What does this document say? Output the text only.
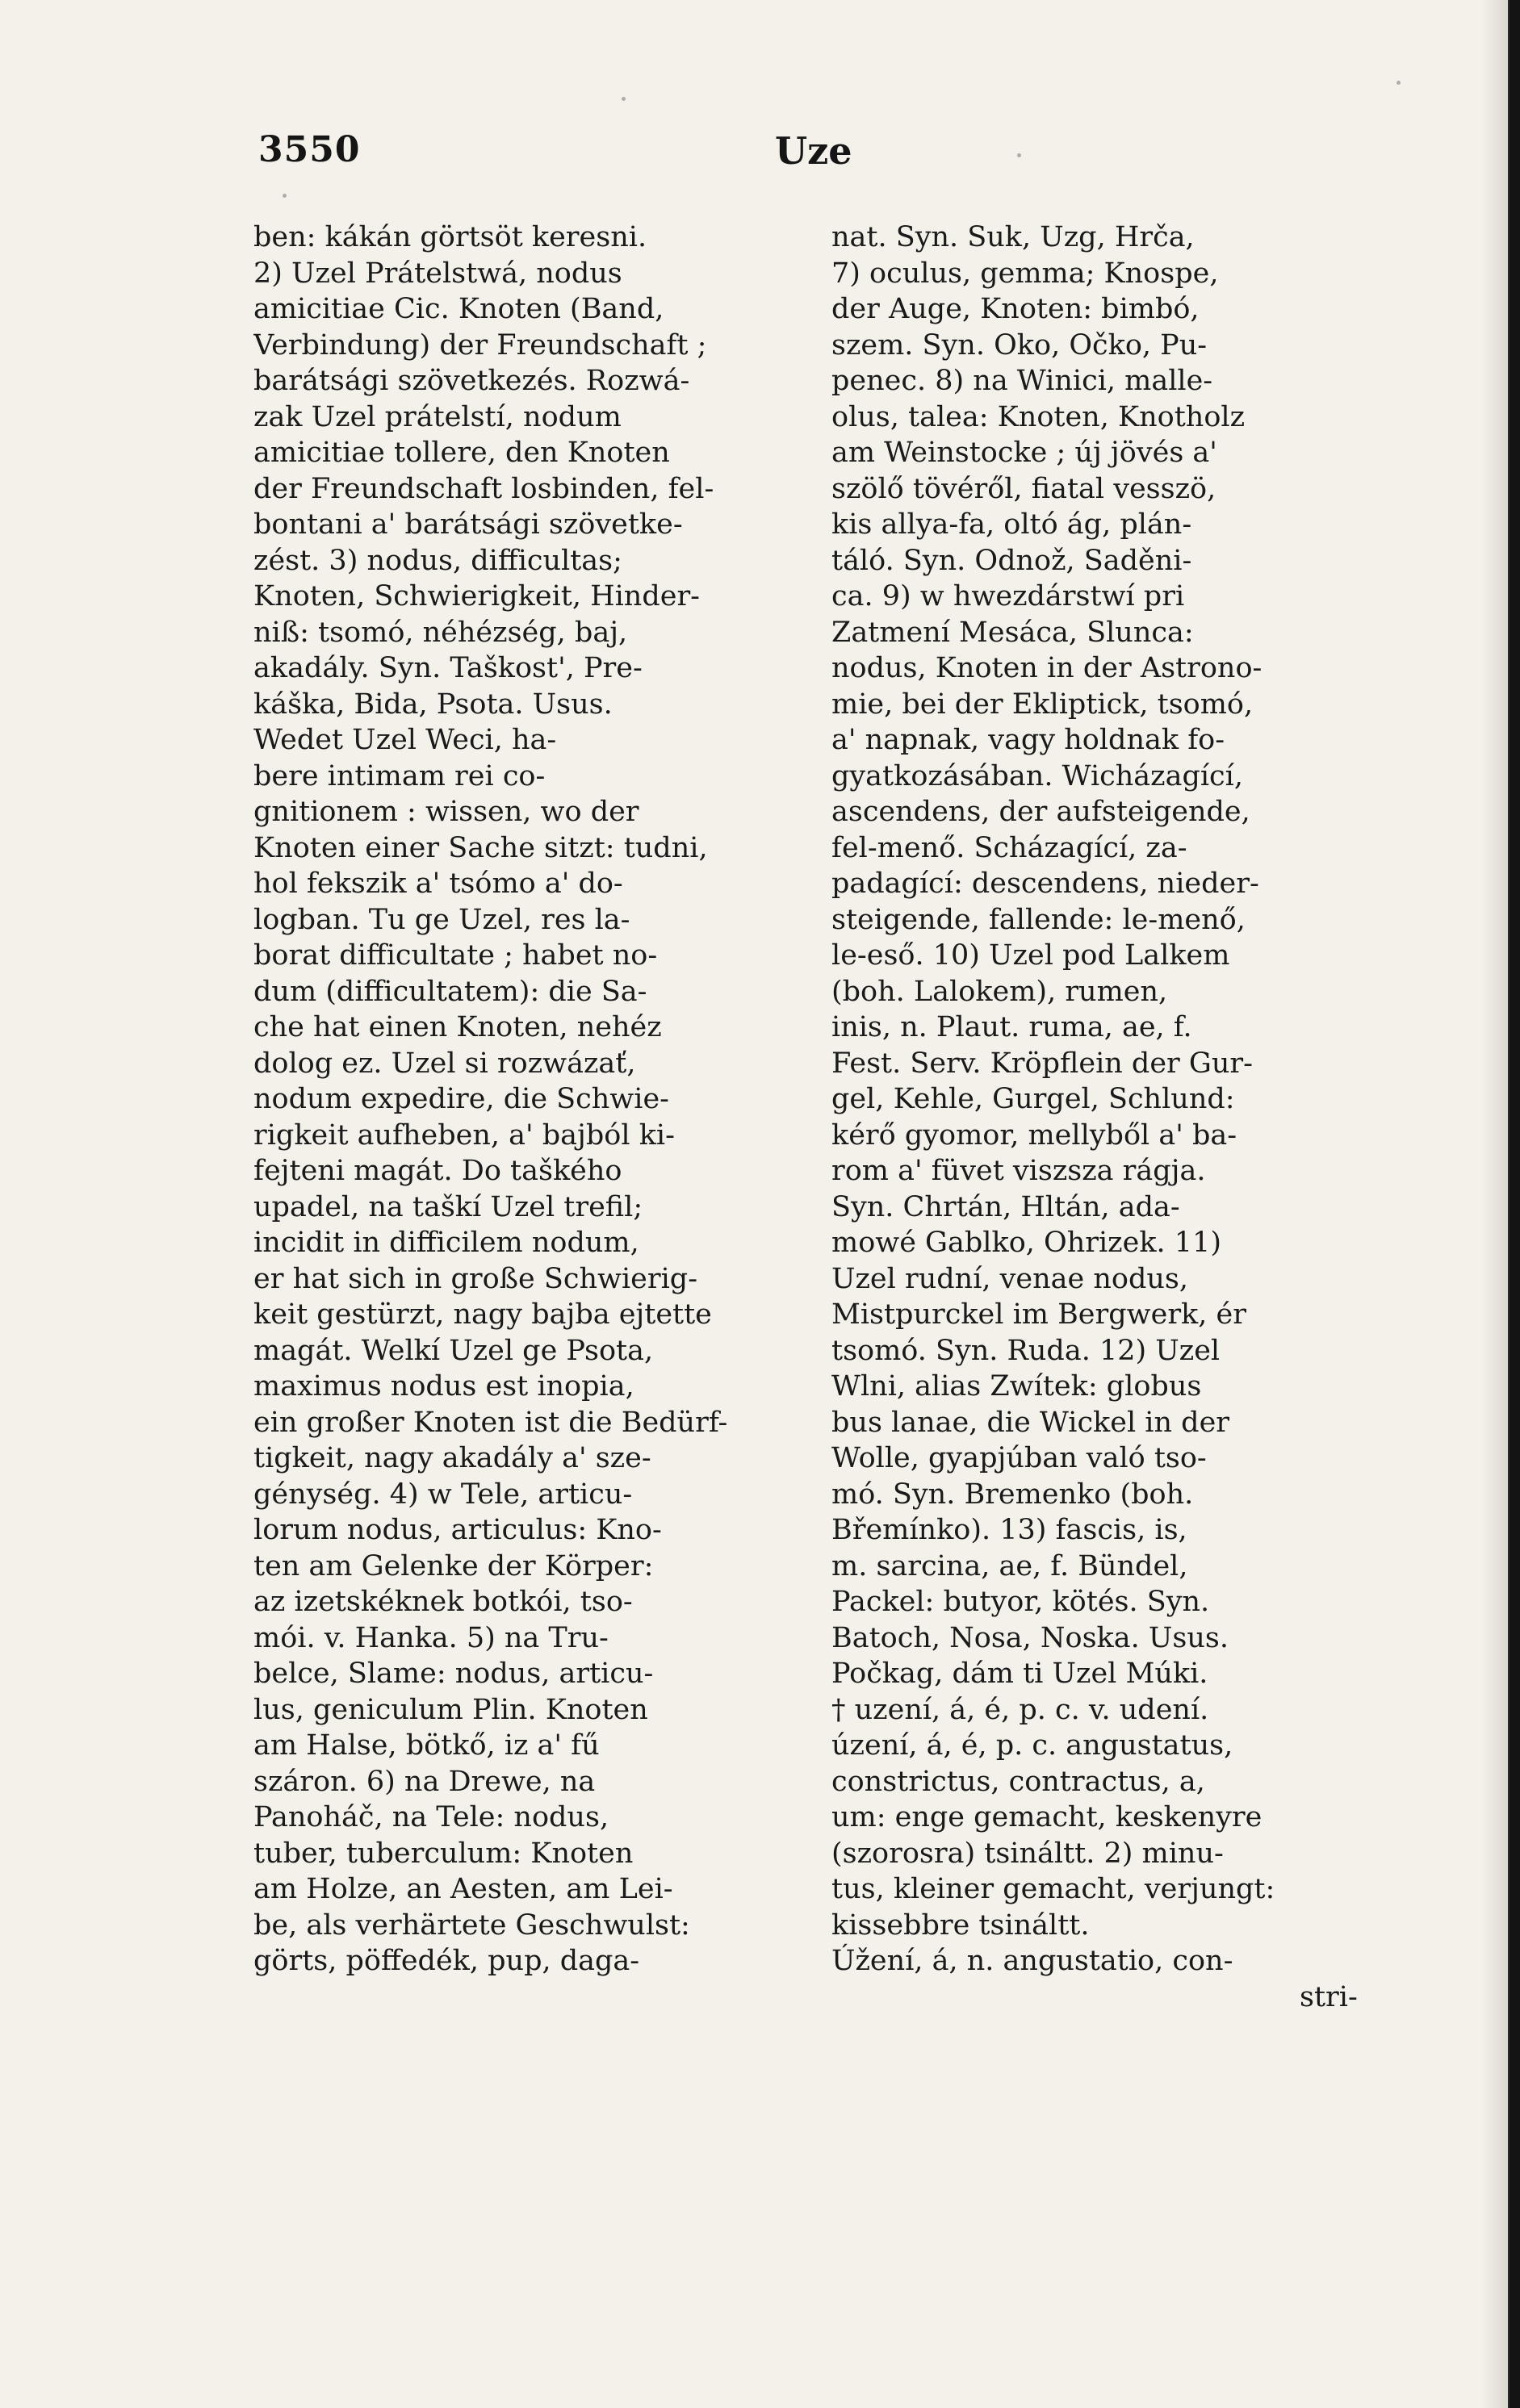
3550	Uze
ben: kákán görtsöt keresni.
2) Uzel Prátelstwá, nodus
amicitiae Cic. Knoten (Band,
Verbindung) der Freundschaft ;
barátsági szövetkezés. Rozwá-
zak Uzel prátelstí, nodum
amicitiae tollere, den Knoten
der Freundschaft losbinden, fel-
bontani a' barátsági szövetke-
zést. 3) nodus, difficultas;
Knoten, Schwierigkeit, Hinder-
niß: tsomó, néhézség, baj,
akadály. Syn. Taškost', Pre-
káška, Bida, Psota. Usus.
Wedet Uzel Weci, ha-
bere intimam rei co-
gnitionem : wissen, wo der
Knoten einer Sache sitzt: tudni,
hol fekszik a' tsómo a' do-
logban. Tu ge Uzel, res la-
borat difficultate ; habet no-
dum (difficultatem): die Sa-
che hat einen Knoten, nehéz
dolog ez. Uzel si rozwázať,
nodum expedire, die Schwie-
rigkeit aufheben, a' bajból ki-
fejteni magát. Do taškého
upadel, na taškí Uzel trefil;
incidit in difficilem nodum,
er hat sich in große Schwierig-
keit gestürzt, nagy bajba ejtette
magát. Welkí Uzel ge Psota,
maximus nodus est inopia,
ein großer Knoten ist die Bedürf-
tigkeit, nagy akadály a' sze-
génység. 4) w Tele, articu-
lorum nodus, articulus: Kno-
ten am Gelenke der Körper:
az izetskéknek botkói, tso-
mói. v. Hanka. 5) na Tru-
belce, Slame: nodus, articu-
lus, geniculum Plin. Knoten
am Halse, bötkő, iz a' fű
száron. 6) na Drewe, na
Panoháč, na Tele: nodus,
tuber, tuberculum: Knoten
am Holze, an Aesten, am Lei-
be, als verhärtete Geschwulst:
görts, pöffedék, pup, daga-
nat. Syn. Suk, Uzg, Hrča,
7) oculus, gemma; Knospe,
der Auge, Knoten: bimbó,
szem. Syn. Oko, Očko, Pu-
penec. 8) na Winici, malle-
olus, talea: Knoten, Knotholz
am Weinstocke ; új jövés a'
szölő tövéről, fiatal vesszö,
kis allya-fa, oltó ág, plán-
táló. Syn. Odnož, Saděni-
ca. 9) w hwezdárstwí pri
Zatmení Mesáca, Slunca:
nodus, Knoten in der Astrono-
mie, bei der Ekliptick, tsomó,
a' napnak, vagy holdnak fo-
gyatkozásában. Wicházagící,
ascendens, der aufsteigende,
fel-menő. Scházagící, za-
padagící: descendens, nieder-
steigende, fallende: le-menő,
le-eső. 10) Uzel pod Lalkem
(boh. Lalokem), rumen,
inis, n. Plaut. ruma, ae, f.
Fest. Serv. Kröpflein der Gur-
gel, Kehle, Gurgel, Schlund:
kérő gyomor, mellyből a' ba-
rom a' füvet viszsza rágja.
Syn. Chrtán, Hltán, ada-
mowé Gablko, Ohrizek. 11)
Uzel rudní, venae nodus,
Mistpurckel im Bergwerk, ér
tsomó. Syn. Ruda. 12) Uzel
Wlni, alias Zwítek: globus
bus lanae, die Wickel in der
Wolle, gyapjúban való tso-
mó. Syn. Bremenko (boh.
Břemínko). 13) fascis, is,
m. sarcina, ae, f. Bündel,
Packel: butyor, kötés. Syn.
Batoch, Nosa, Noska. Usus.
Počkag, dám ti Uzel Múki.
† uzení, á, é, p. c. v. udení.
úzení, á, é, p. c. angustatus,
constrictus, contractus, a,
um: enge gemacht, keskenyre
(szorosra) tsináltt. 2) minu-
tus, kleiner gemacht, verjungt:
kissebbre tsináltt.
Úžení, á, n. angustatio, con-
stri-
